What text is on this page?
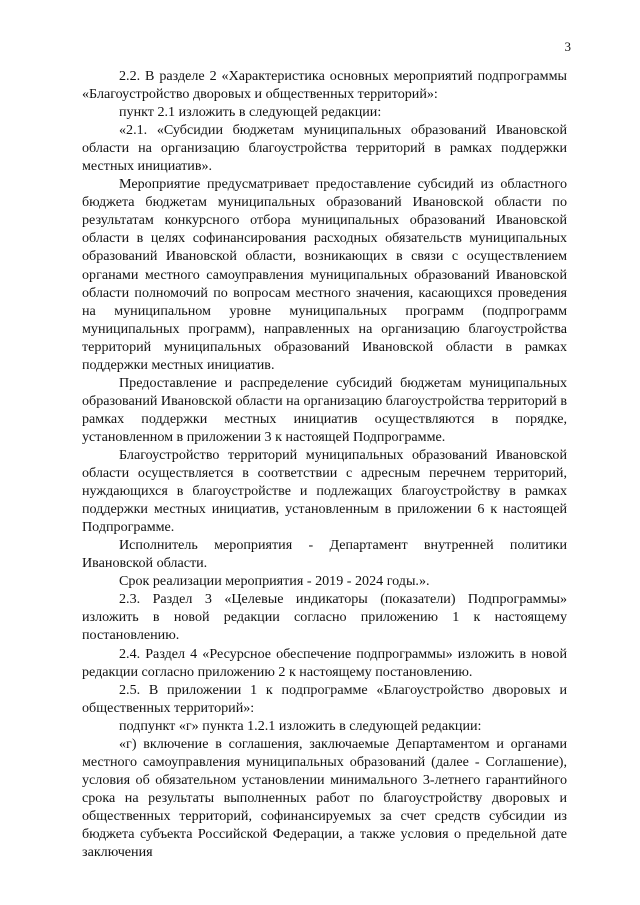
3

2.2. В разделе 2 «Характеристика основных мероприятий подпрограммы «Благоустройство дворовых и общественных территорий»:

пункт 2.1 изложить в следующей редакции:

«2.1. «Субсидии бюджетам муниципальных образований Ивановской области на организацию благоустройства территорий в рамках поддержки местных инициатив».

Мероприятие предусматривает предоставление субсидий из областного бюджета бюджетам муниципальных образований Ивановской области по результатам конкурсного отбора муниципальных образований Ивановской области в целях софинансирования расходных обязательств муниципальных образований Ивановской области, возникающих в связи с осуществлением органами местного самоуправления муниципальных образований Ивановской области полномочий по вопросам местного значения, касающихся проведения на муниципальном уровне муниципальных программ (подпрограмм муниципальных программ), направленных на организацию благоустройства территорий муниципальных образований Ивановской области в рамках поддержки местных инициатив.

Предоставление и распределение субсидий бюджетам муниципальных образований Ивановской области на организацию благоустройства территорий в рамках поддержки местных инициатив осуществляются в порядке, установленном в приложении 3 к настоящей Подпрограмме.

Благоустройство территорий муниципальных образований Ивановской области осуществляется в соответствии с адресным перечнем территорий, нуждающихся в благоустройстве и подлежащих благоустройству в рамках поддержки местных инициатив, установленным в приложении 6 к настоящей Подпрограмме.

Исполнитель мероприятия - Департамент внутренней политики Ивановской области.

Срок реализации мероприятия - 2019 - 2024 годы.».

2.3. Раздел 3 «Целевые индикаторы (показатели) Подпрограммы» изложить в новой редакции согласно приложению 1 к настоящему постановлению.

2.4. Раздел 4 «Ресурсное обеспечение подпрограммы» изложить в новой редакции согласно приложению 2 к настоящему постановлению.

2.5. В приложении 1 к подпрограмме «Благоустройство дворовых и общественных территорий»:

подпункт «г» пункта 1.2.1 изложить в следующей редакции:

«г) включение в соглашения, заключаемые Департаментом и органами местного самоуправления муниципальных образований (далее - Соглашение), условия об обязательном установлении минимального 3-летнего гарантийного срока на результаты выполненных работ по благоустройству дворовых и общественных территорий, софинансируемых за счет средств субсидии из бюджета субъекта Российской Федерации, а также условия о предельной дате заключения
